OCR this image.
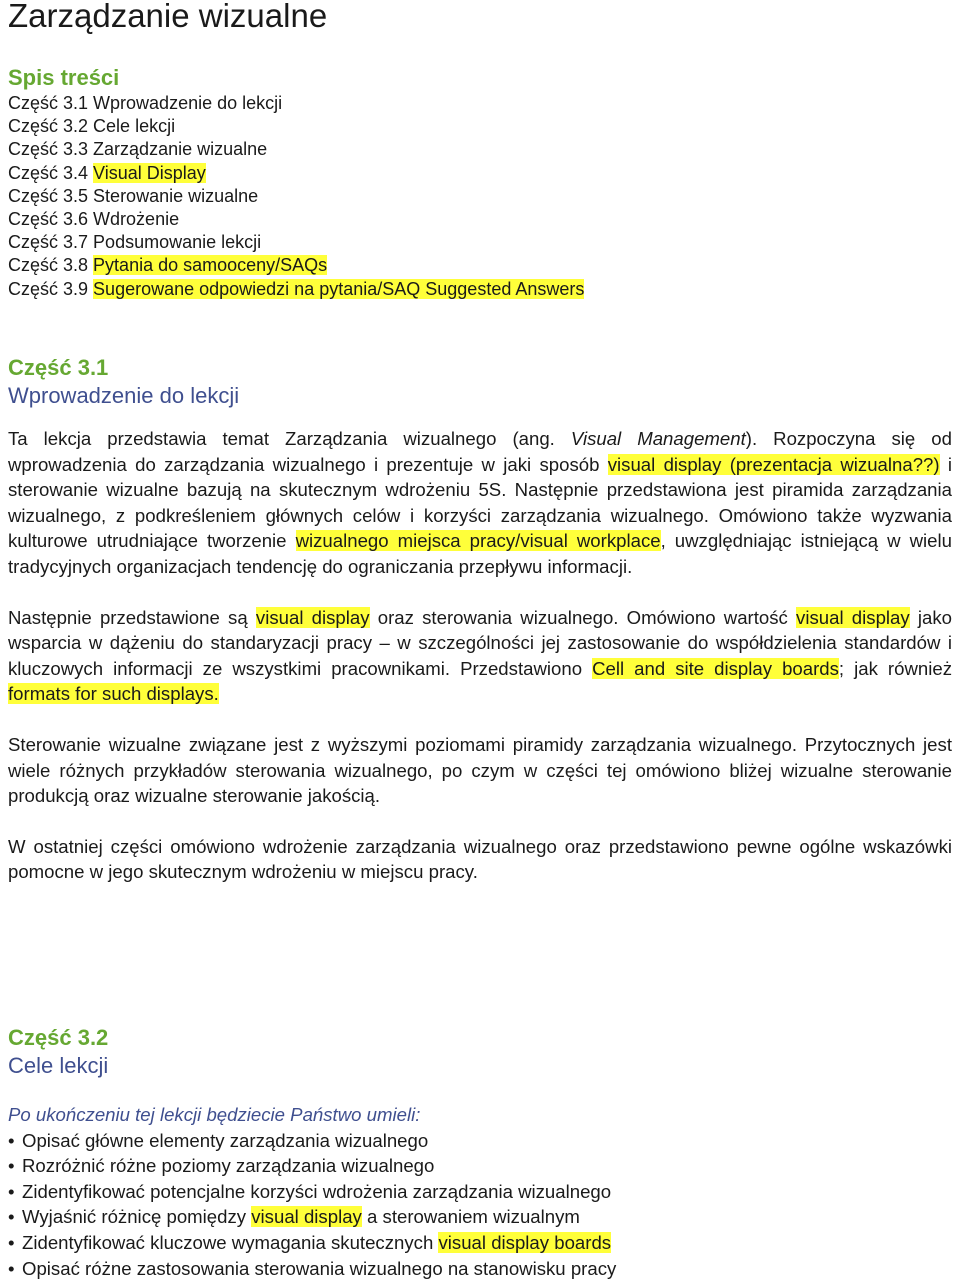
Zarządzanie wizualne
Spis treści
Część 3.1 Wprowadzenie do lekcji
Część 3.2 Cele lekcji
Część 3.3 Zarządzanie wizualne
Część 3.4 Visual Display
Część 3.5 Sterowanie wizualne
Część 3.6 Wdrożenie
Część 3.7 Podsumowanie lekcji
Część 3.8 Pytania do samooceny/SAQs
Część 3.9 Sugerowane odpowiedzi na pytania/SAQ Suggested Answers
Część 3.1
Wprowadzenie do lekcji

Ta lekcja przedstawia temat Zarządzania wizualnego (ang. Visual Management). Rozpoczyna się od wprowadzenia do zarządzania wizualnego i prezentuje w jaki sposób visual display (prezentacja wizualna??) i sterowanie wizualne bazują na skutecznym wdrożeniu 5S. Następnie przedstawiona jest piramida zarządzania wizualnego, z podkreśleniem głównych celów i korzyści zarządzania wizualnego. Omówiono także wyzwania kulturowe utrudniające tworzenie wizualnego miejsca pracy/visual workplace, uwzględniając istniejącą w wielu tradycyjnych organizacjach tendencję do ograniczania przepływu informacji.

Następnie przedstawione są visual display oraz sterowania wizualnego. Omówiono wartość visual display jako wsparcia w dążeniu do standaryzacji pracy – w szczególności jej zastosowanie do współdzielenia standardów i kluczowych informacji ze wszystkimi pracownikami. Przedstawiono Cell and site display boards; jak również formats for such displays.

Sterowanie wizualne związane jest z wyższymi poziomami piramidy zarządzania wizualnego. Przytocznych jest wiele różnych przykładów sterowania wizualnego, po czym w części tej omówiono bliżej wizualne sterowanie produkcją oraz wizualne sterowanie jakością.

W ostatniej części omówiono wdrożenie zarządzania wizualnego oraz przedstawiono pewne ogólne wskazówki pomocne w jego skutecznym wdrożeniu w miejscu pracy.

Część 3.2
Cele lekcji

Po ukończeniu tej lekcji będziecie Państwo umieli:

• Opisać główne elementy zarządzania wizualnego
• Rozróżnić różne poziomy zarządzania wizualnego
• Zidentyfikować potencjalne korzyści wdrożenia zarządzania wizualnego
• Wyjaśnić różnicę pomiędzy visual display a sterowaniem wizualnym
• Zidentyfikować kluczowe wymagania skutecznych visual display boards
• Opisać różne zastosowania sterowania wizualnego na stanowisku pracy
